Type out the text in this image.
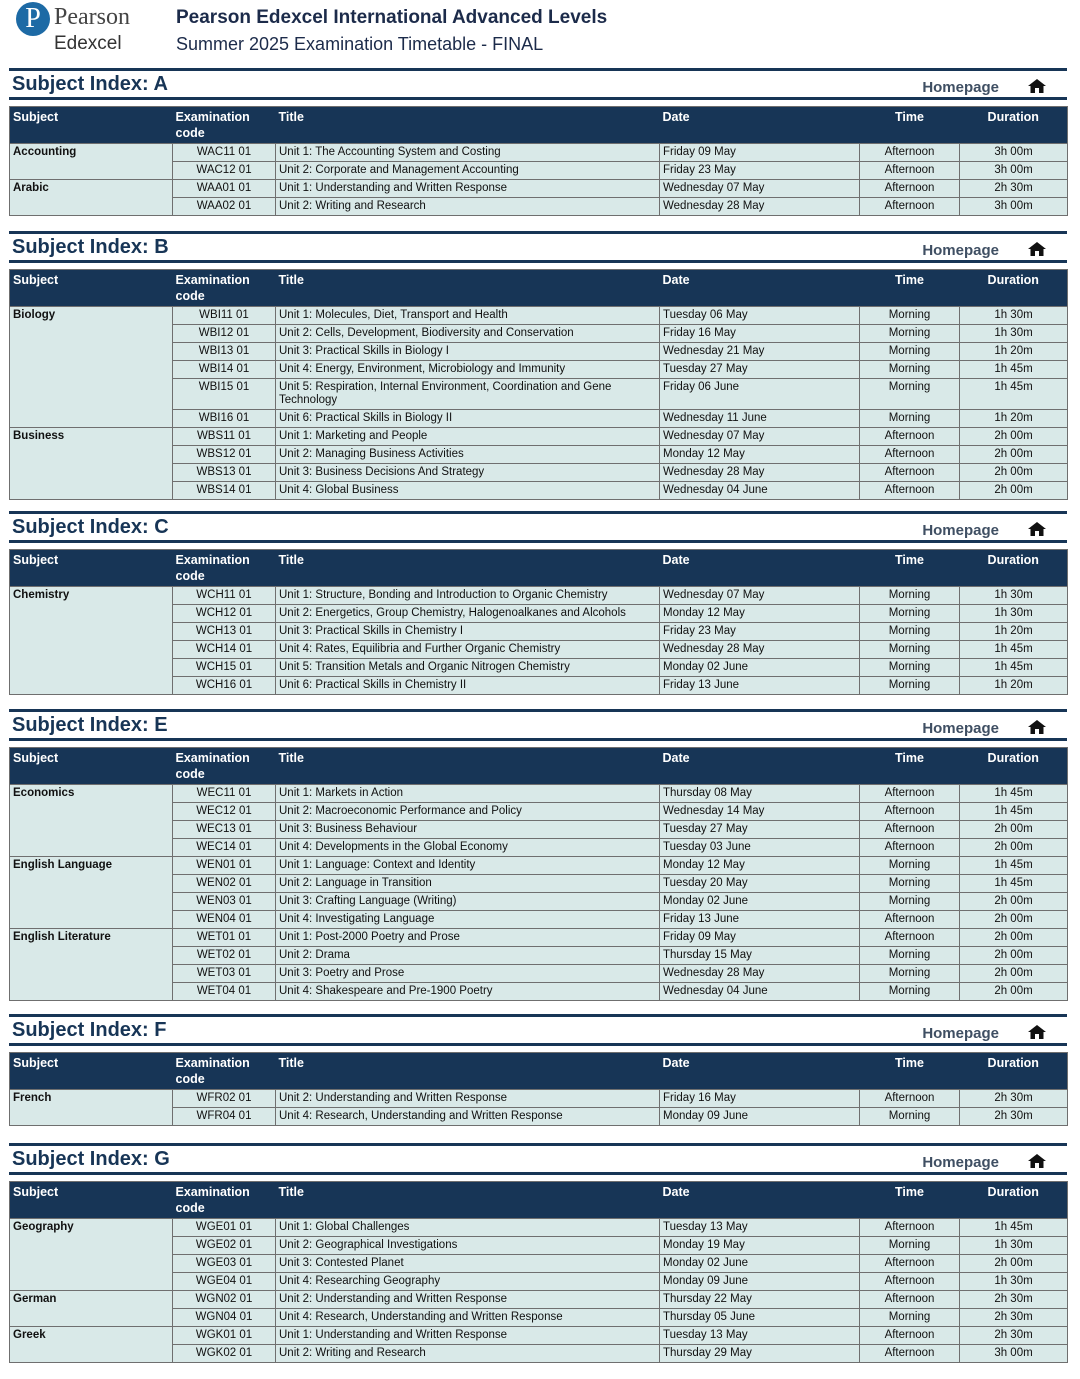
P Pearson
Edexcel
Pearson Edexcel International Advanced Levels
Summer 2025 Examination Timetable - FINAL
Subject Index: A	Homepage
Subject	Examination
code	Title	Date	Time	Duration
Accounting	WAC11 01	Unit 1: The Accounting System and Costing	Friday 09 May	Afternoon	3h 00m
	WAC12 01	Unit 2: Corporate and Management Accounting	Friday 23 May	Afternoon	3h 00m
Arabic	WAA01 01	Unit 1: Understanding and Written Response	Wednesday 07 May	Afternoon	2h 30m
	WAA02 01	Unit 2: Writing and Research	Wednesday 28 May	Afternoon	3h 00m
Subject Index: B	Homepage
Subject	Examination
code	Title	Date	Time	Duration
Biology	WBI11 01	Unit 1: Molecules, Diet, Transport and Health	Tuesday 06 May	Morning	1h 30m
	WBI12 01	Unit 2: Cells, Development, Biodiversity and Conservation	Friday 16 May	Morning	1h 30m
	WBI13 01	Unit 3: Practical Skills in Biology I	Wednesday 21 May	Morning	1h 20m
	WBI14 01	Unit 4: Energy, Environment, Microbiology and Immunity	Tuesday 27 May	Morning	1h 45m
	WBI15 01	Unit 5: Respiration, Internal Environment, Coordination and Gene Technology	Friday 06 June	Morning	1h 45m
	WBI16 01	Unit 6: Practical Skills in Biology II	Wednesday 11 June	Morning	1h 20m
Business	WBS11 01	Unit 1: Marketing and People	Wednesday 07 May	Afternoon	2h 00m
	WBS12 01	Unit 2: Managing Business Activities	Monday 12 May	Afternoon	2h 00m
	WBS13 01	Unit 3: Business Decisions And Strategy	Wednesday 28 May	Afternoon	2h 00m
	WBS14 01	Unit 4: Global Business	Wednesday 04 June	Afternoon	2h 00m
Subject Index: C	Homepage
Subject	Examination
code	Title	Date	Time	Duration
Chemistry	WCH11 01	Unit 1: Structure, Bonding and Introduction to Organic Chemistry	Wednesday 07 May	Morning	1h 30m
	WCH12 01	Unit 2: Energetics, Group Chemistry, Halogenoalkanes and Alcohols	Monday 12 May	Morning	1h 30m
	WCH13 01	Unit 3: Practical Skills in Chemistry I	Friday 23 May	Morning	1h 20m
	WCH14 01	Unit 4: Rates, Equilibria and Further Organic Chemistry	Wednesday 28 May	Morning	1h 45m
	WCH15 01	Unit 5: Transition Metals and Organic Nitrogen Chemistry	Monday 02 June	Morning	1h 45m
	WCH16 01	Unit 6: Practical Skills in Chemistry II	Friday 13 June	Morning	1h 20m
Subject Index: E	Homepage
Subject	Examination
code	Title	Date	Time	Duration
Economics	WEC11 01	Unit 1: Markets in Action	Thursday 08 May	Afternoon	1h 45m
	WEC12 01	Unit 2: Macroeconomic Performance and Policy	Wednesday 14 May	Afternoon	1h 45m
	WEC13 01	Unit 3: Business Behaviour	Tuesday 27 May	Afternoon	2h 00m
	WEC14 01	Unit 4: Developments in the Global Economy	Tuesday 03 June	Afternoon	2h 00m
English Language	WEN01 01	Unit 1: Language: Context and Identity	Monday 12 May	Morning	1h 45m
	WEN02 01	Unit 2: Language in Transition	Tuesday 20 May	Morning	1h 45m
	WEN03 01	Unit 3: Crafting Language (Writing)	Monday 02 June	Morning	2h 00m
	WEN04 01	Unit 4: Investigating Language	Friday 13 June	Afternoon	2h 00m
English Literature	WET01 01	Unit 1: Post-2000 Poetry and Prose	Friday 09 May	Afternoon	2h 00m
	WET02 01	Unit 2: Drama	Thursday 15 May	Morning	2h 00m
	WET03 01	Unit 3: Poetry and Prose	Wednesday 28 May	Morning	2h 00m
	WET04 01	Unit 4: Shakespeare and Pre-1900 Poetry	Wednesday 04 June	Morning	2h 00m
Subject Index: F	Homepage
Subject	Examination
code	Title	Date	Time	Duration
French	WFR02 01	Unit 2: Understanding and Written Response	Friday 16 May	Afternoon	2h 30m
	WFR04 01	Unit 4: Research, Understanding and Written Response	Monday 09 June	Morning	2h 30m
Subject Index: G	Homepage
Subject	Examination
code	Title	Date	Time	Duration
Geography	WGE01 01	Unit 1: Global Challenges	Tuesday 13 May	Afternoon	1h 45m
	WGE02 01	Unit 2: Geographical Investigations	Monday 19 May	Morning	1h 30m
	WGE03 01	Unit 3: Contested Planet	Monday 02 June	Afternoon	2h 00m
	WGE04 01	Unit 4: Researching Geography	Monday 09 June	Afternoon	1h 30m
German	WGN02 01	Unit 2: Understanding and Written Response	Thursday 22 May	Afternoon	2h 30m
	WGN04 01	Unit 4: Research, Understanding and Written Response	Thursday 05 June	Morning	2h 30m
Greek	WGK01 01	Unit 1: Understanding and Written Response	Tuesday 13 May	Afternoon	2h 30m
	WGK02 01	Unit 2: Writing and Research	Thursday 29 May	Afternoon	3h 00m
